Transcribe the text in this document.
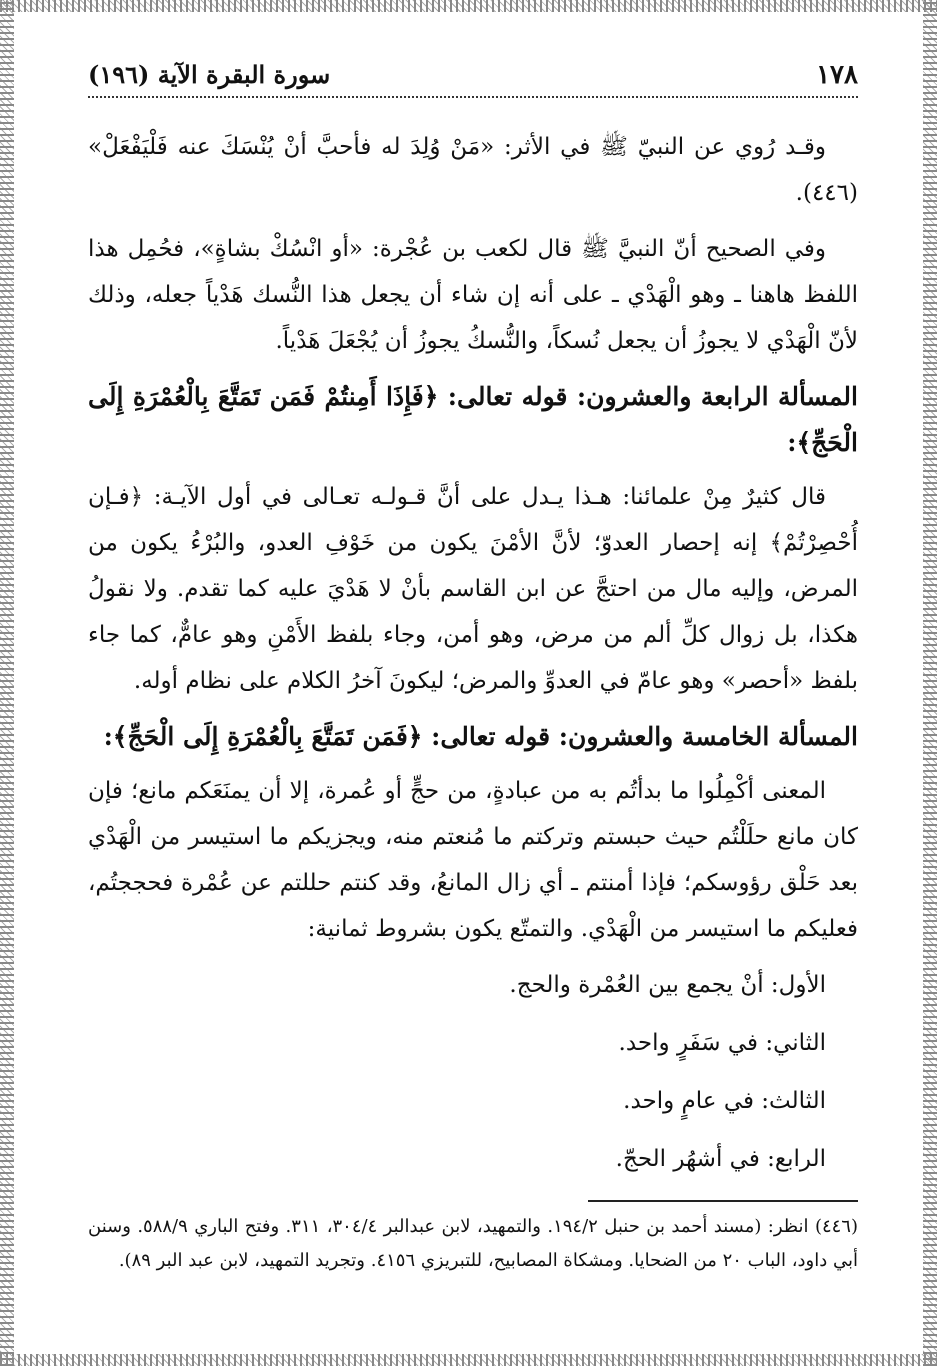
١٧٨
سورة البقرة الآية (١٩٦)

وقـد رُوي عن النبيّ ﷺ في الأثر: «مَنْ وُلِدَ له فأحبَّ أنْ يُنْسَكَ عنه فَلْيَفْعَلْ» (٤٤٦).

وفي الصحيح أنّ النبيَّ ﷺ قال لكعب بن عُجْرة: «أو انْسُكْ بشاةٍ»، فحُمِل هذا اللفظ هاهنا ـ وهو الْهَدْي ـ على أنه إن شاء أن يجعل هذا النُّسك هَدْياً جعله، وذلك لأنّ الْهَدْي لا يجوزُ أن يجعل نُسكاً، والنُّسكُ يجوزُ أن يُجْعَلَ هَدْياً.

المسألة الرابعة والعشرون: قوله تعالى: ﴿فَإِذَا أَمِنتُمْ فَمَن تَمَتَّعَ بِالْعُمْرَةِ إِلَى الْحَجِّ﴾:

قال كثيرٌ مِنْ علمائنا: هـذا يـدل على أنَّ قـولـه تعـالى في أول الآيـة: ﴿فـإن أُحْصِرْتُمْ﴾ إنه إحصار العدوّ؛ لأنَّ الأمْنَ يكون من خَوْفِ العدو، والبُرْءُ يكون من المرض، وإليه مال من احتجَّ عن ابن القاسم بأنْ لا هَدْيَ عليه كما تقدم. ولا نقولُ هكذا، بل زوال كلِّ ألم من مرض، وهو أمن، وجاء بلفظ الأَمْنِ وهو عامٌّ، كما جاء بلفظ «أحصر» وهو عامّ في العدوِّ والمرض؛ ليكونَ آخرُ الكلام على نظام أوله.

المسألة الخامسة والعشرون: قوله تعالى: ﴿فَمَن تَمَتَّعَ بِالْعُمْرَةِ إِلَى الْحَجِّ﴾:

المعنى أكْمِلُوا ما بدأتُم به من عبادةٍ، من حجٍّ أو عُمرة، إلا أن يمنَعَكم مانع؛ فإن كان مانع حلَلْتُم حيث حبستم وتركتم ما مُنعتم منه، ويجزيكم ما استيسر من الْهَدْي بعد حَلْق رؤوسكم؛ فإذا أمنتم ـ أي زال المانعُ، وقد كنتم حللتم عن عُمْرة فحججتُم، فعليكم ما استيسر من الْهَدْي. والتمتّع يكون بشروط ثمانية:

الأول: أنْ يجمع بين العُمْرة والحج.

الثاني: في سَفَرٍ واحد.

الثالث: في عامٍ واحد.

الرابع: في أشهُر الحجّ.

(٤٤٦) انظر: (مسند أحمد بن حنبل ١٩٤/٢. والتمهيد، لابن عبدالبر ٣٠٤/٤، ٣١١. وفتح الباري ٥٨٨/٩. وسنن أبي داود، الباب ٢٠ من الضحايا. ومشكاة المصابيح، للتبريزي ٤١٥٦. وتجريد التمهيد، لابن عبد البر ٨٩).
